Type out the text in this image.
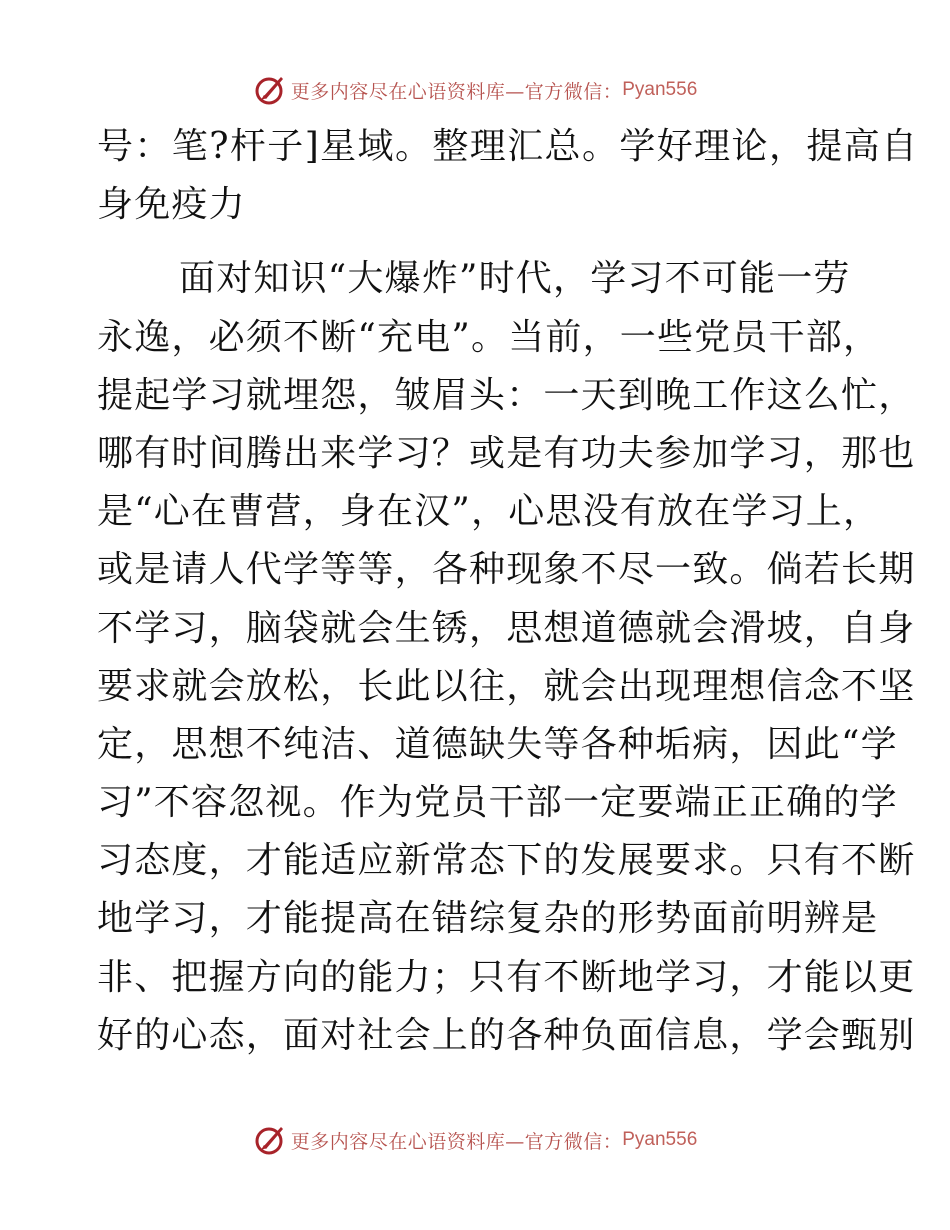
更多内容尽在心语资料库—官方微信： Pyan556
号：笔?杆子]星域。整理汇总。学好理论，提高自
身免疫力
面对知识“大爆炸”时代，学习不可能一劳
永逸，必须不断“充电”。当前，一些党员干部，
提起学习就埋怨，皱眉头：一天到晚工作这么忙，
哪有时间腾出来学习？或是有功夫参加学习，那也
是“心在曹营，身在汉”，心思没有放在学习上，
或是请人代学等等，各种现象不尽一致。倘若长期
不学习，脑袋就会生锈，思想道德就会滑坡，自身
要求就会放松，长此以往，就会出现理想信念不坚
定，思想不纯洁、道德缺失等各种垢病，因此“学
习”不容忽视。作为党员干部一定要端正正确的学
习态度，才能适应新常态下的发展要求。只有不断
地学习，才能提高在错综复杂的形势面前明辨是
非、把握方向的能力；只有不断地学习，才能以更
好的心态，面对社会上的各种负面信息，学会甄别
更多内容尽在心语资料库—官方微信： Pyan556
